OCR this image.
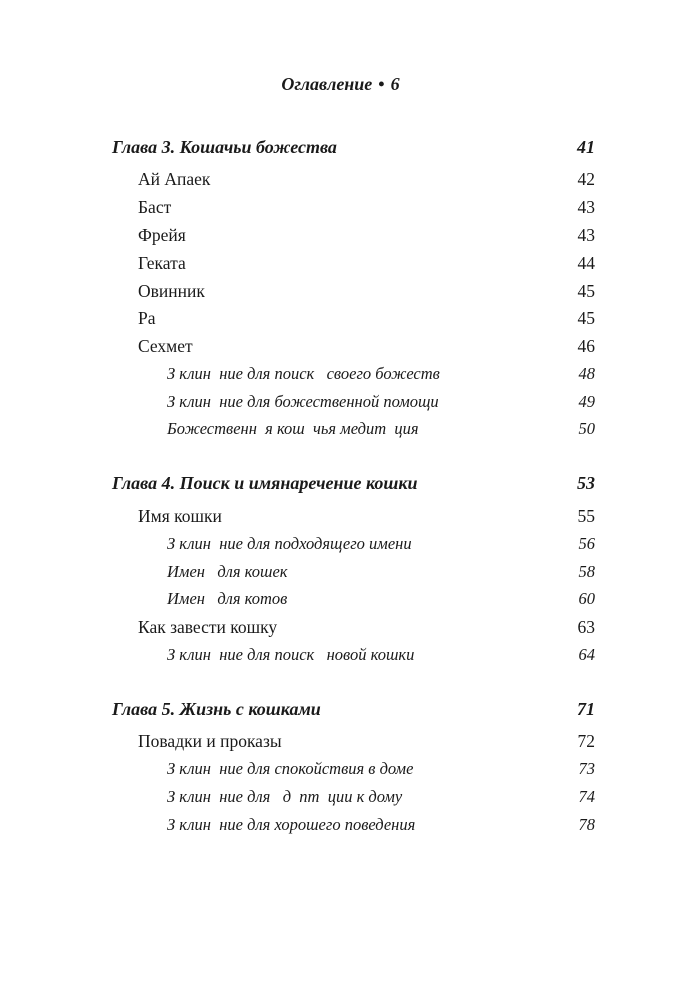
Оглавление • 6
Глава 3. Кошачьи божества	41
Ай Апаек	42
Баст	43
Фрейя	43
Геката	44
Овинник	45
Ра	45
Сехмет	46
З клин  ние для поиск   своего божеств	48
З клин  ние для божественной помощи	49
Божественн  я кош  чья медит  ция	50
Глава 4. Поиск и имянаречение кошки	53
Имя кошки	55
З клин  ние для подходящего имени	56
Имен   для кошек	58
Имен   для котов	60
Как завести кошку	63
З клин  ние для поиск   новой кошки	64
Глава 5. Жизнь с кошками	71
Повадки и проказы	72
З клин  ние для спокойствия в доме	73
З клин  ние для   д  пт  ции к дому	74
З клин  ние для хорошего поведения	78
